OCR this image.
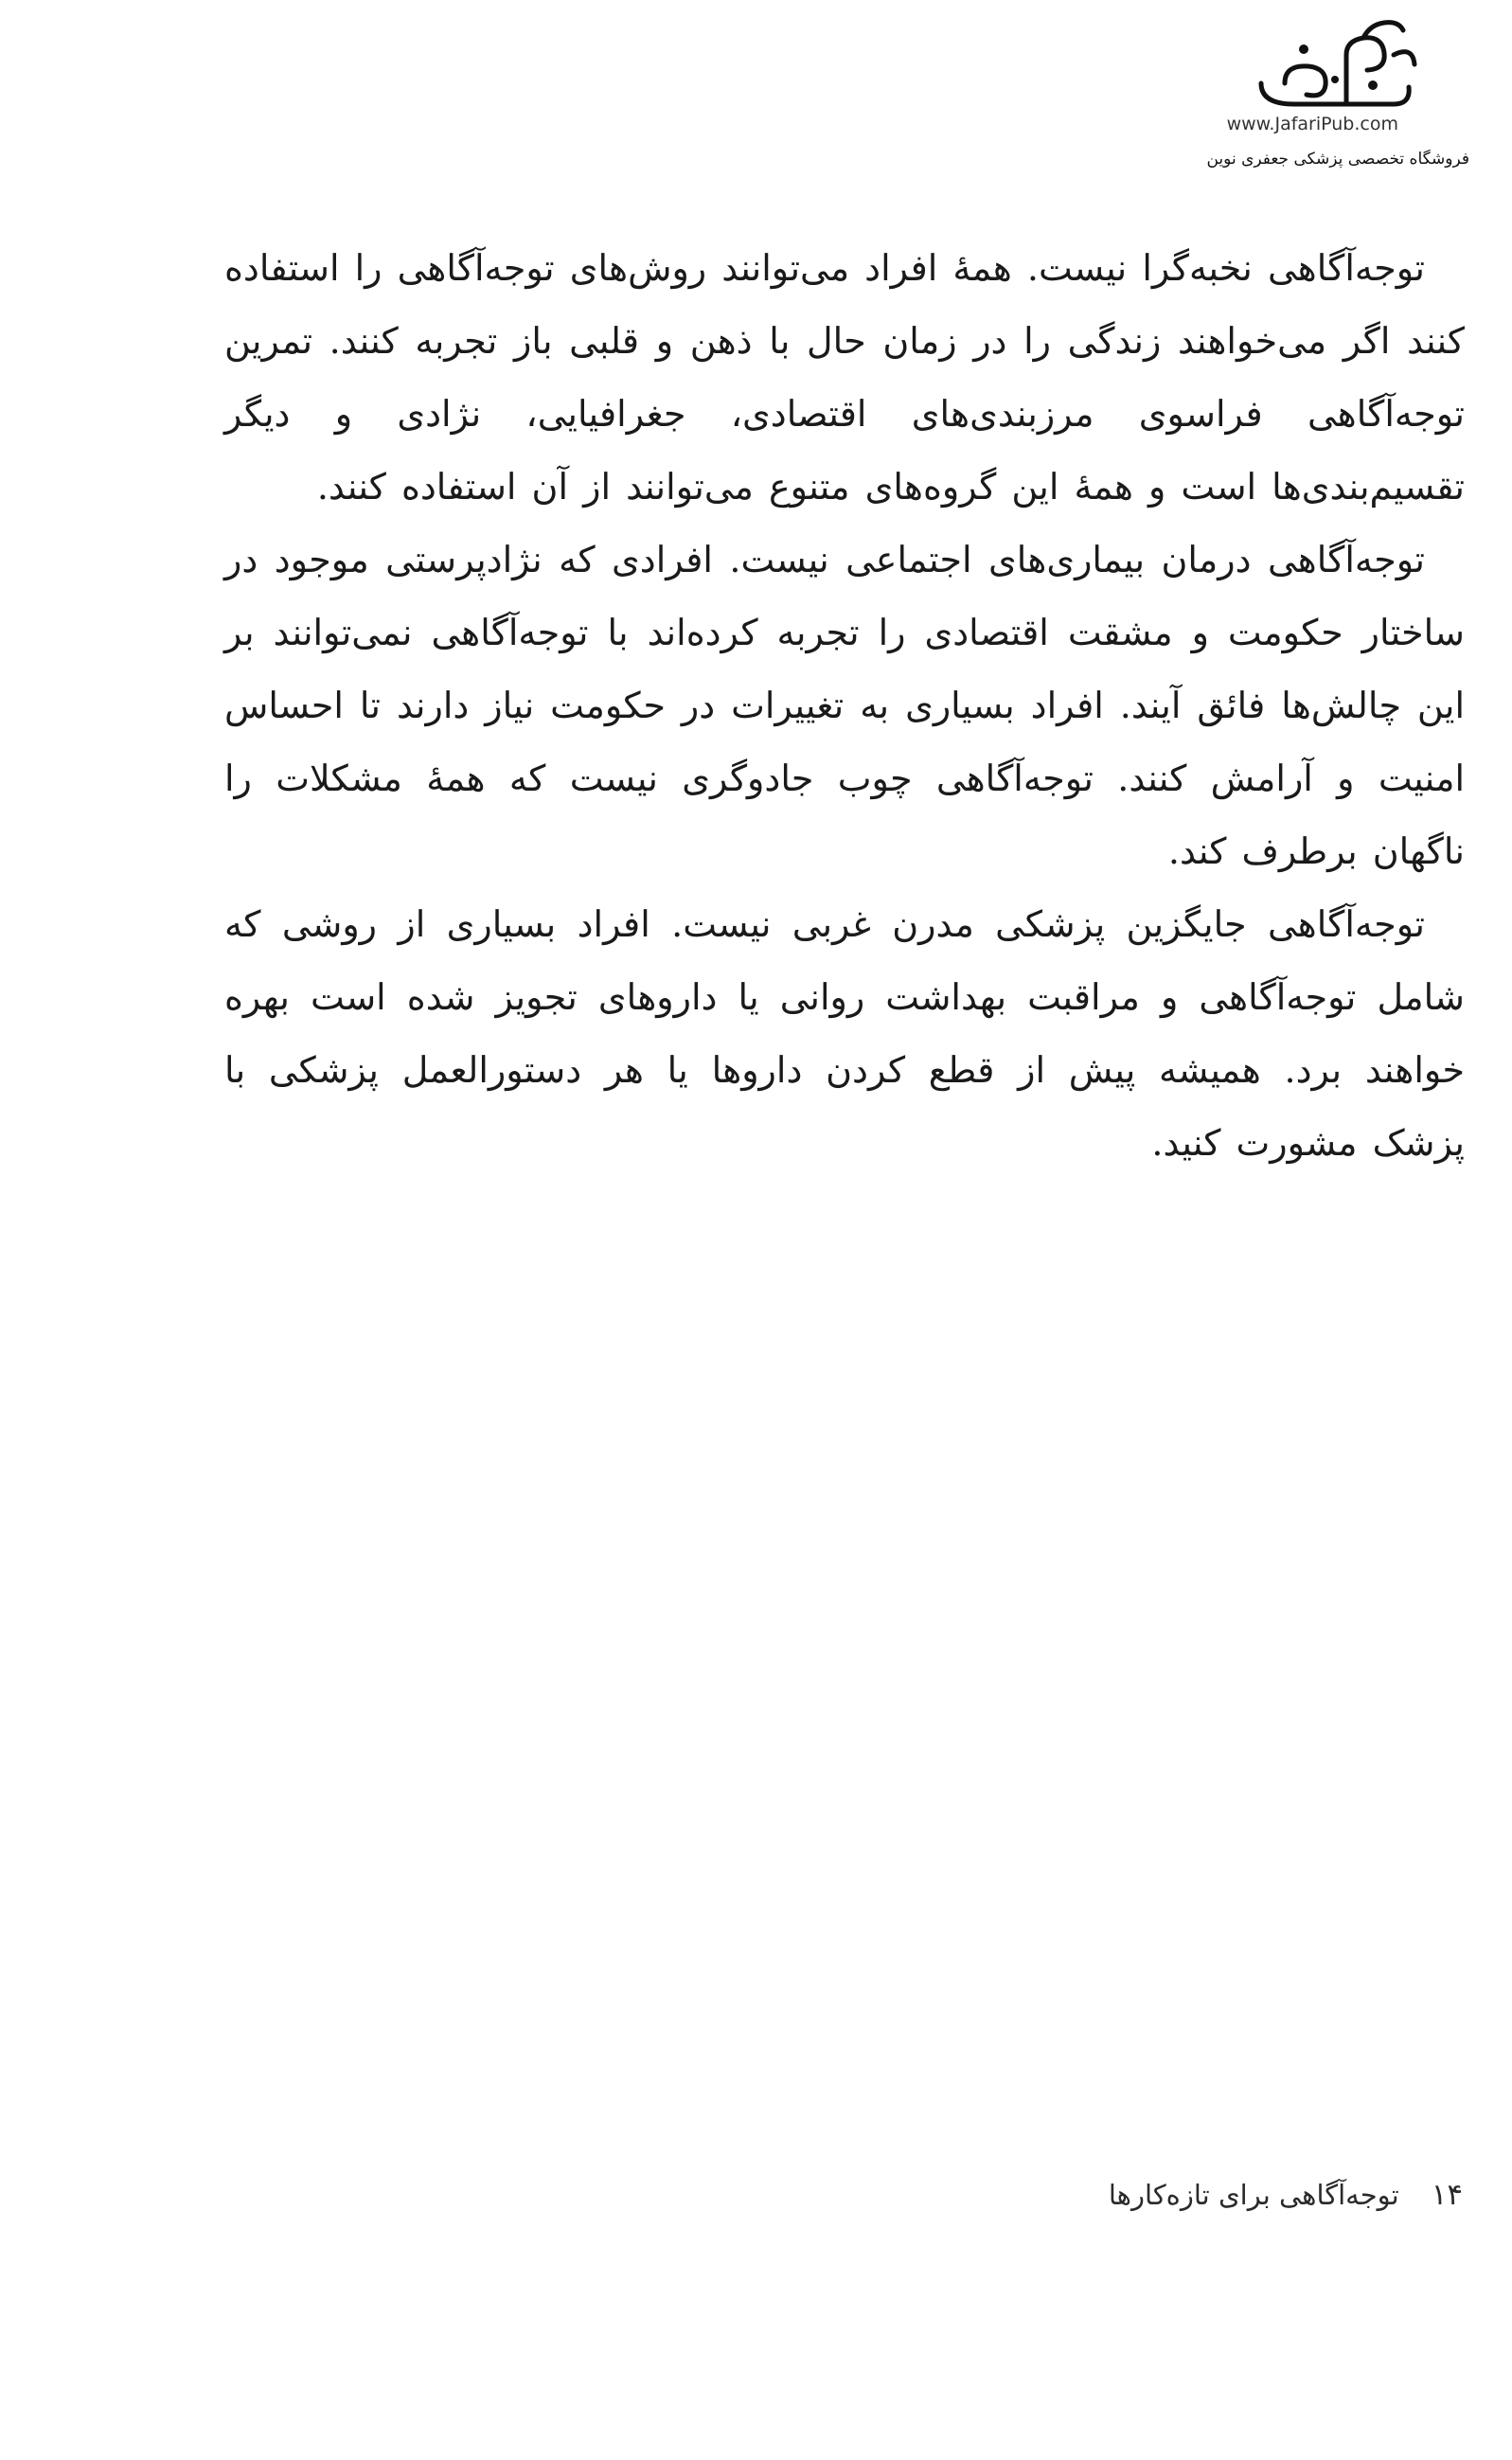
www.JafariPub.com
فروشگاه تخصصی پزشکی جعفری نوین

توجه‌آگاهی نخبه‌گرا نیست. همهٔ افراد می‌توانند روش‌های توجه‌آگاهی را استفاده کنند اگر می‌خواهند زندگی را در زمان حال با ذهن و قلبی باز تجربه کنند. تمرین توجه‌آگاهی فراسوی مرزبندی‌های اقتصادی، جغرافیایی، نژادی و دیگر تقسیم‌بندی‌ها است و همهٔ این گروه‌های متنوع می‌توانند از آن استفاده کنند.

توجه‌آگاهی درمان بیماری‌های اجتماعی نیست. افرادی که نژادپرستی موجود در ساختار حکومت و مشقت اقتصادی را تجربه کرده‌اند با توجه‌آگاهی نمی‌توانند بر این چالش‌ها فائق آیند. افراد بسیاری به تغییرات در حکومت نیاز دارند تا احساس امنیت و آرامش کنند. توجه‌آگاهی چوب جادوگری نیست که همهٔ مشکلات را ناگهان برطرف کند.

توجه‌آگاهی جایگزین پزشکی مدرن غربی نیست. افراد بسیاری از روشی که شامل توجه‌آگاهی و مراقبت بهداشت روانی یا داروهای تجویز شده است بهره خواهند برد. همیشه پیش از قطع کردن داروها یا هر دستورالعمل پزشکی با پزشک مشورت کنید.

۱۴
توجه‌آگاهی برای تازه‌کارها
